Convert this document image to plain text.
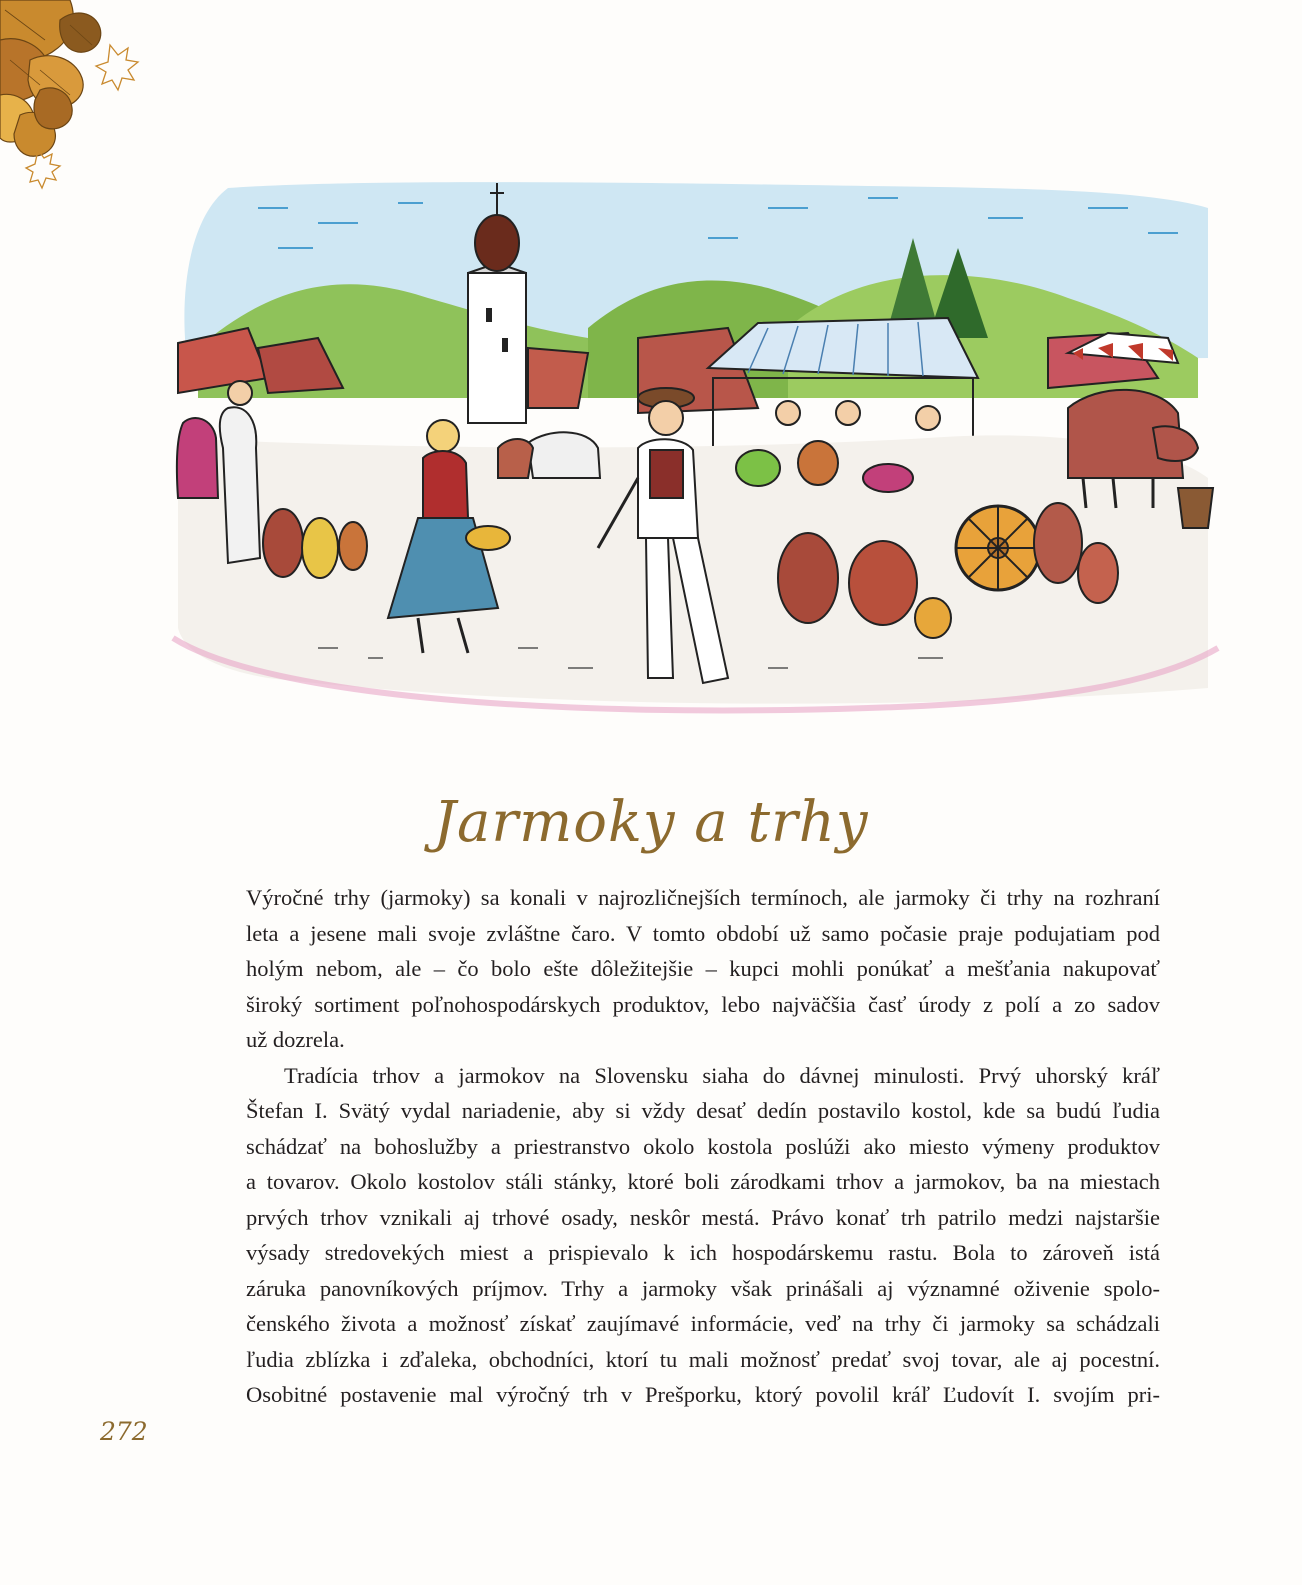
Jarmoky a trhy

Výročné trhy (jarmoky) sa konali v najrozličnejších termínoch, ale jarmoky či trhy na rozhraní
leta a jesene mali svoje zvláštne čaro. V tomto období už samo počasie praje podujatiam pod
holým nebom, ale – čo bolo ešte dôležitejšie – kupci mohli ponúkať a mešťania nakupovať
široký sortiment poľnohospodárskych produktov, lebo najväčšia časť úrody z polí a zo sadov
už dozrela.

Tradícia trhov a jarmokov na Slovensku siaha do dávnej minulosti. Prvý uhorský kráľ
Štefan I. Svätý vydal nariadenie, aby si vždy desať dedín postavilo kostol, kde sa budú ľudia
schádzať na bohoslužby a priestranstvo okolo kostola poslúži ako miesto výmeny produktov
a tovarov. Okolo kostolov stáli stánky, ktoré boli zárodkami trhov a jarmokov, ba na miestach
prvých trhov vznikali aj trhové osady, neskôr mestá. Právo konať trh patrilo medzi najstaršie
výsady stredovekých miest a prispievalo k ich hospodárskemu rastu. Bola to zároveň istá
záruka panovníkových príjmov. Trhy a jarmoky však prinášali aj významné oživenie spolo-
čenského života a možnosť získať zaujímavé informácie, veď na trhy či jarmoky sa schádzali
ľudia zblízka i zďaleka, obchodníci, ktorí tu mali možnosť predať svoj tovar, ale aj pocestní.
Osobitné postavenie mal výročný trh v Prešporku, ktorý povolil kráľ Ľudovít I. svojím pri-

272
